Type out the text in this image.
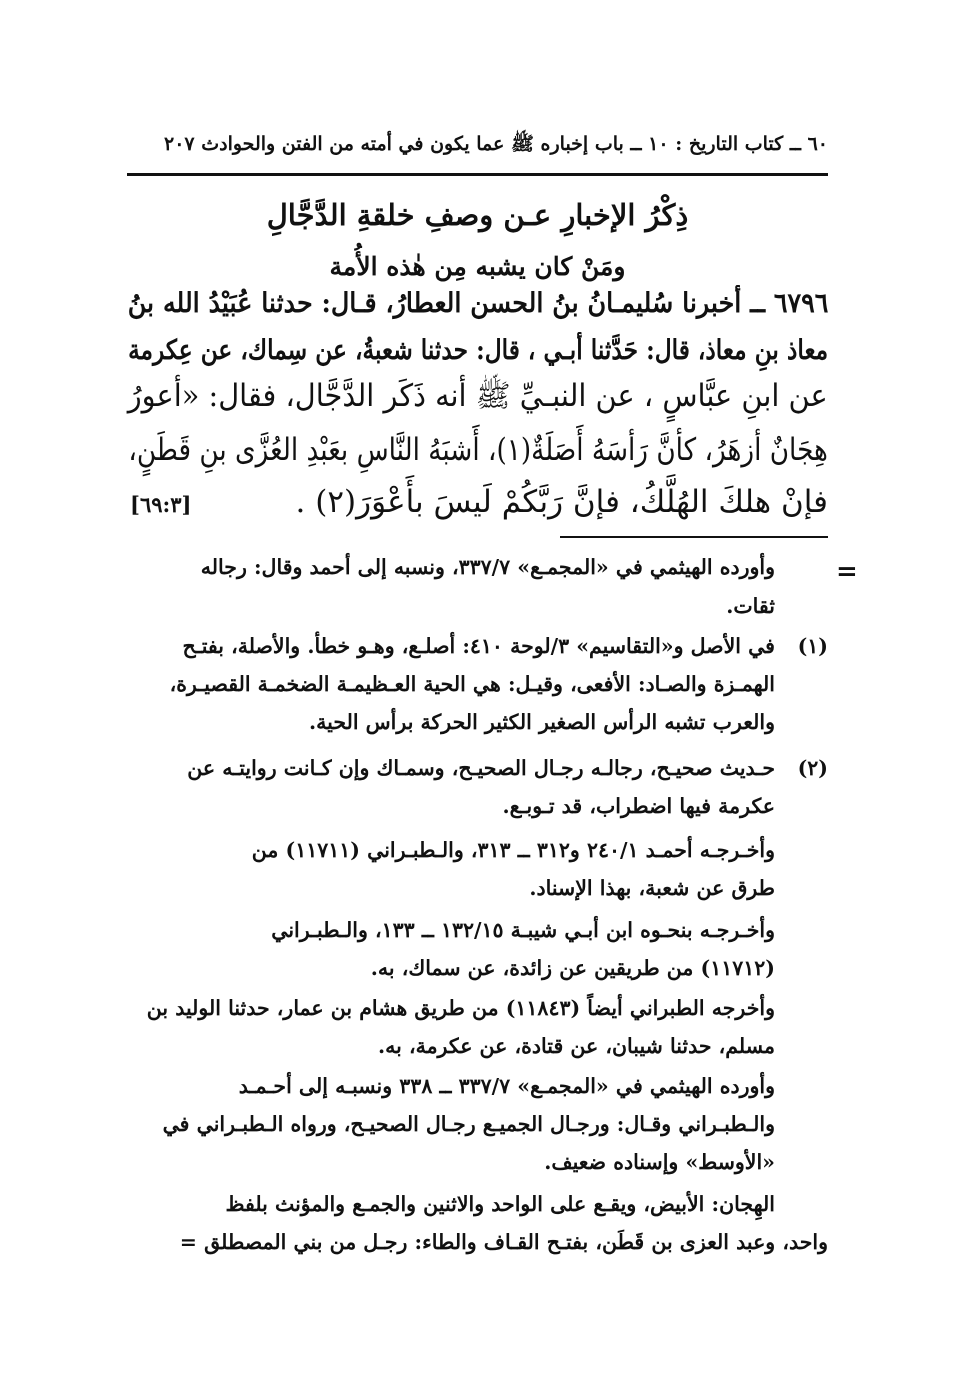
٦٠ ــ كتاب التاريخ : ١٠ ــ باب إخباره ﷺ عما يكون في أمته من الفتن والحوادث ٢٠٧
ذِكْرُ الإخبارِ عـن وصفِ خلقةِ الدَّجَّالِ
ومَنْ كان يشبه مِن هٰذه الأُمة
٦٧٩٦ ــ أخبرنا سُليمـانُ بنُ الحسن العطارُ، قـال: حدثنا عُبَيْدُ الله بنُ
معاذ بنِ معاذ، قال: حَدَّثنا أبـي ، قال: حدثنا شعبةُ، عن سِماك، عن عِكرمة
عن ابنِ عبَّاسٍ ، عن النبـيِّ ﷺ أنه ذَكَر الدَّجَّال، فقال: «أعورُ
هِجَانٌ أزهَرُ، كأنَّ رَأسَهُ أَصَلَةٌ(١)، أَشبَهُ النَّاسِ بعَبْدِ العُزَّى بنِ قَطَنٍ،
فإنْ هلكَ الهُلَّكُ، فإنَّ رَبَّكُمْ لَيسَ بأَعْوَرَ(٢) .
[٦٩:٣]
=
وأورده الهيثمي في «المجمـع» ٣٣٧/٧، ونسبه إلى أحمد وقال: رجاله
ثقات.
(١)
في الأصل و«التقاسيم» ٣/لوحة ٤١٠: أصلـع، وهـو خطأ. والأصلة، بفتـح
الهمـزة والصـاد: الأفعى، وقيـل: هي الحية العـظيمـة الضخمـة القصيـرة،
والعرب تشبه الرأس الصغير الكثير الحركة برأس الحية.
(٢)
حـديث صحيـح، رجالـه رجـال الصحيـح، وسمـاك وإن كـانت روايتـه عن
عكرمة فيها اضطراب، قد تـوبـع.
وأخـرجـه أحمـد ٢٤٠/١ و٣١٢ ــ ٣١٣، والـطبـراني (١١٧١١) من
طرق عن شعبة، بهذا الإسناد.
وأخـرجـه بنحـوه ابن أبـي شيبـة ١٣٢/١٥ ــ ١٣٣، والـطبـراني
(١١٧١٢) من طريقين عن زائدة، عن سماك، به.
وأخرجه الطبراني أيضاً (١١٨٤٣) من طريق هشام بن عمار، حدثنا الوليد بن
مسلم، حدثنا شيبان، عن قتادة، عن عكرمة، به.
وأورده الهيثمي في «المجمـع» ٣٣٧/٧ ــ ٣٣٨ ونسبـه إلى أحـمـد
والـطبـراني وقـال: ورجـال الجميـع رجـال الصحيـح، ورواه الـطبـراني في
«الأوسط» وإسناده ضعيف.
الهِجان: الأبيض، ويقـع على الواحد والاثنين والجمـع والمؤنث بلفظ
واحد، وعبد العزى بن قَطَن، بفتـح القـاف والطاء: رجـل من بني المصطلق =
